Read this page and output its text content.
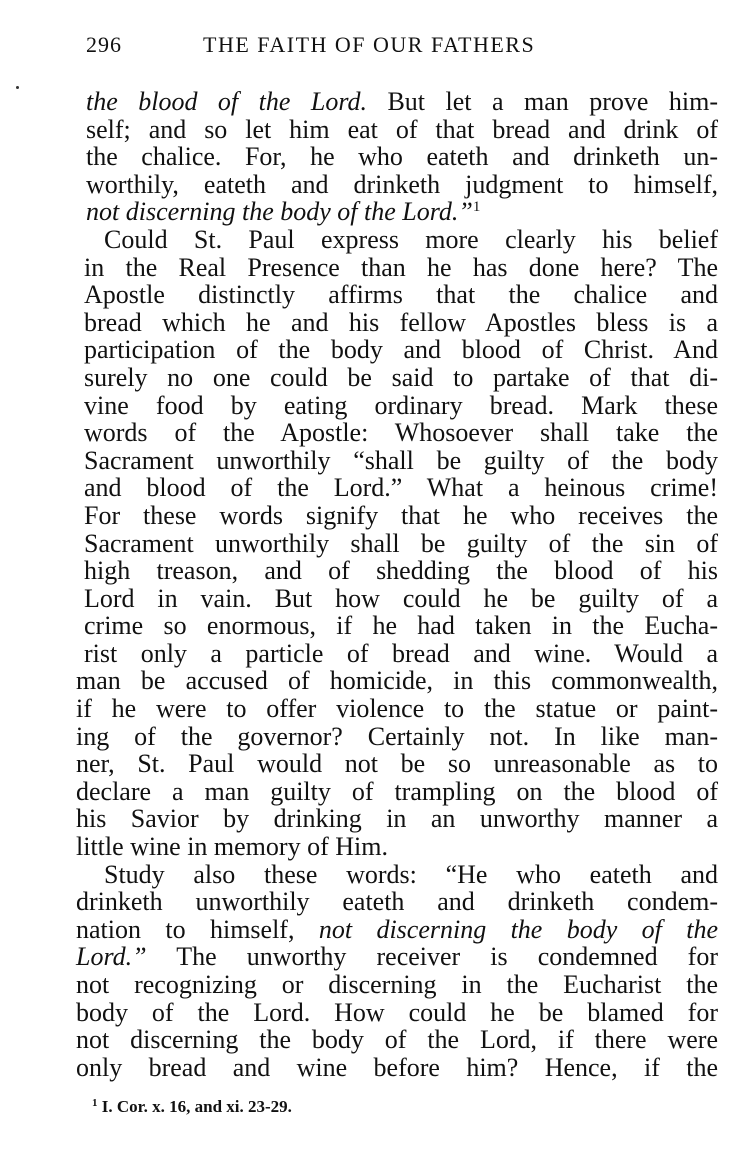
296	THE FAITH OF OUR FATHERS
the blood of the Lord. But let a man prove him-
self; and so let him eat of that bread and drink of
the chalice. For, he who eateth and drinketh un-
worthily, eateth and drinketh judgment to himself,
not discerning the body of the Lord.”$^1$
Could St. Paul express more clearly his belief
in the Real Presence than he has done here? The
Apostle distinctly affirms that the chalice and
bread which he and his fellow Apostles bless is a
participation of the body and blood of Christ. And
surely no one could be said to partake of that di-
vine food by eating ordinary bread. Mark these
words of the Apostle: Whosoever shall take the
Sacrament unworthily “shall be guilty of the body
and blood of the Lord.” What a heinous crime!
For these words signify that he who receives the
Sacrament unworthily shall be guilty of the sin of
high treason, and of shedding the blood of his
Lord in vain. But how could he be guilty of a
crime so enormous, if he had taken in the Eucha-
rist only a particle of bread and wine. Would a
man be accused of homicide, in this commonwealth,
if he were to offer violence to the statue or paint-
ing of the governor? Certainly not. In like man-
ner, St. Paul would not be so unreasonable as to
declare a man guilty of trampling on the blood of
his Savior by drinking in an unworthy manner a
little wine in memory of Him.
Study also these words: “He who eateth and
drinketh unworthily eateth and drinketh condem-
nation to himself, not discerning the body of the
Lord.” The unworthy receiver is condemned for
not recognizing or discerning in the Eucharist the
body of the Lord. How could he be blamed for
not discerning the body of the Lord, if there were
only bread and wine before him? Hence, if the
$^1$ I. Cor. x. 16, and xi. 23-29.
